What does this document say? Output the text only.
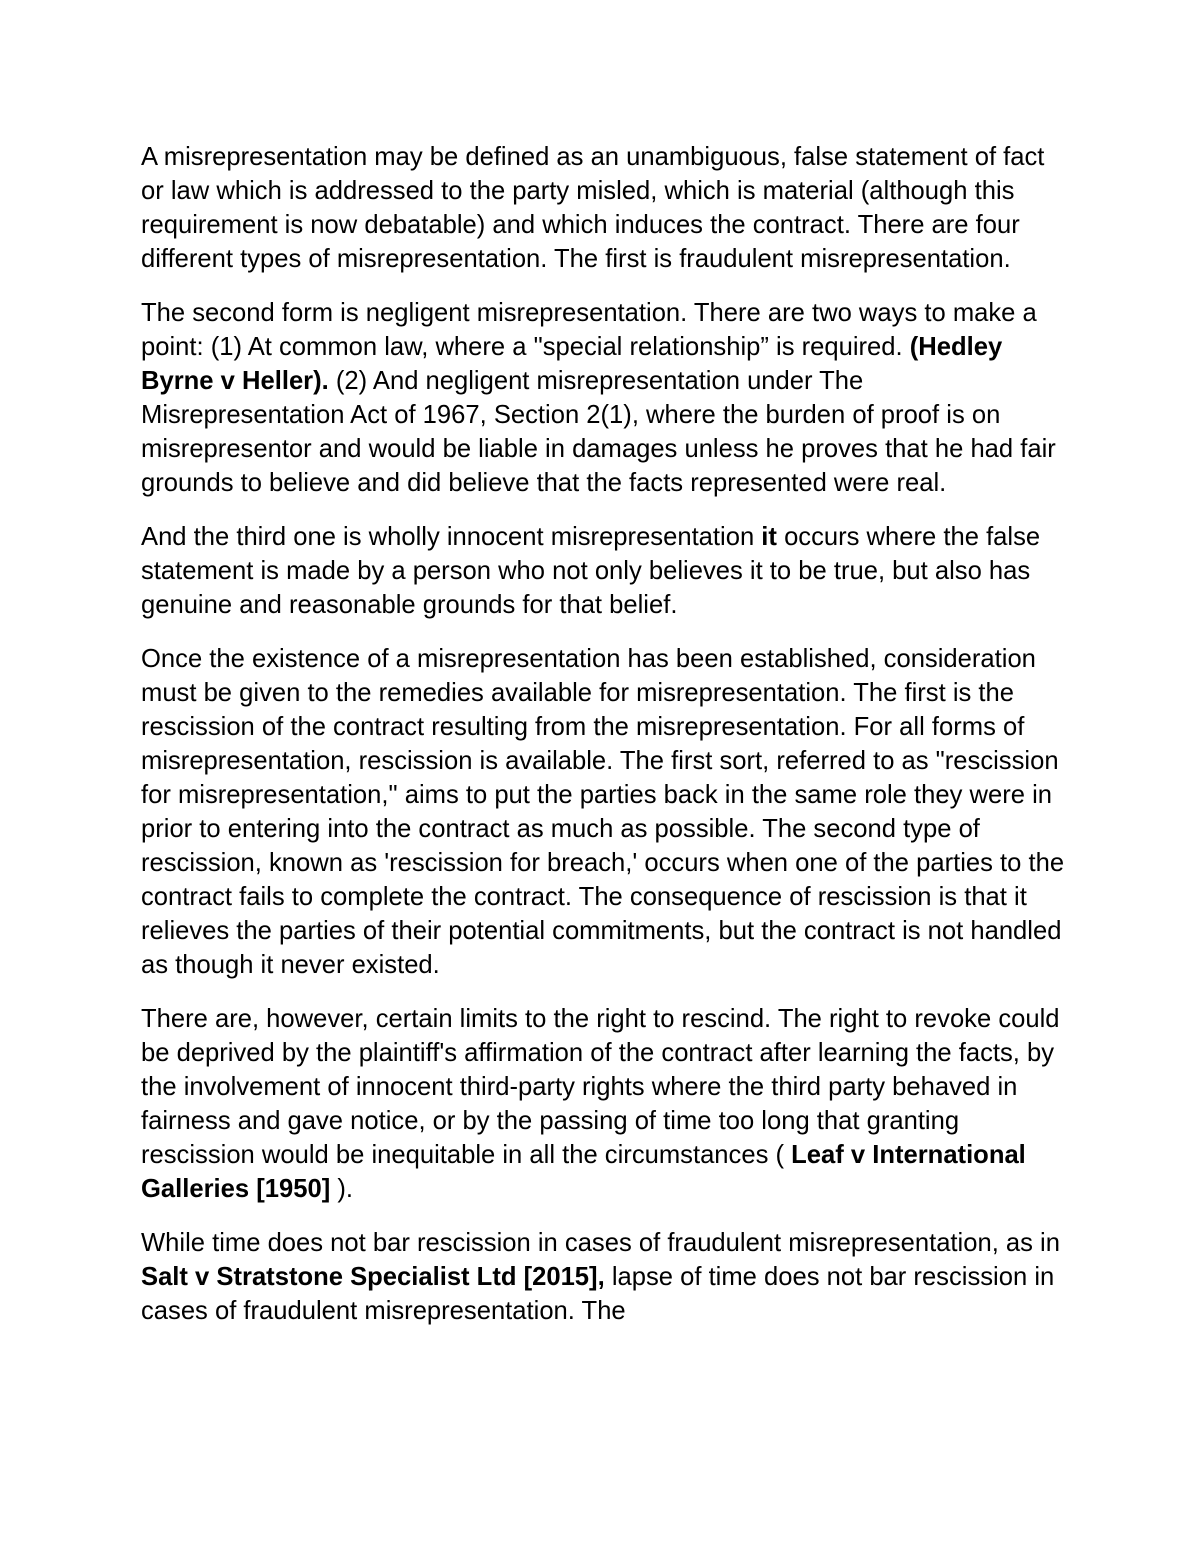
A misrepresentation may be defined as an unambiguous, false statement of fact or law which is addressed to the party misled, which is material (although this requirement is now debatable) and which induces the contract. There are four different types of misrepresentation. The first is fraudulent misrepresentation.

The second form is negligent misrepresentation. There are two ways to make a point: (1) At common law, where a "special relationship” is required. (Hedley Byrne v Heller). (2) And negligent misrepresentation under The Misrepresentation Act of 1967, Section 2(1), where the burden of proof is on misrepresentor and would be liable in damages unless he proves that he had fair grounds to believe and did believe that the facts represented were real.

And the third one is wholly innocent misrepresentation it occurs where the false statement is made by a person who not only believes it to be true, but also has genuine and reasonable grounds for that belief.

Once the existence of a misrepresentation has been established, consideration must be given to the remedies available for misrepresentation. The first is the rescission of the contract resulting from the misrepresentation. For all forms of misrepresentation, rescission is available. The first sort, referred to as "rescission for misrepresentation," aims to put the parties back in the same role they were in prior to entering into the contract as much as possible. The second type of rescission, known as 'rescission for breach,' occurs when one of the parties to the contract fails to complete the contract. The consequence of rescission is that it relieves the parties of their potential commitments, but the contract is not handled as though it never existed.

There are, however, certain limits to the right to rescind. The right to revoke could be deprived by the plaintiff's affirmation of the contract after learning the facts, by the involvement of innocent third-party rights where the third party behaved in fairness and gave notice, or by the passing of time too long that granting rescission would be inequitable in all the circumstances ( Leaf v International Galleries [1950] ).

While time does not bar rescission in cases of fraudulent misrepresentation, as in Salt v Stratstone Specialist Ltd [2015], lapse of time does not bar rescission in cases of fraudulent misrepresentation. The
